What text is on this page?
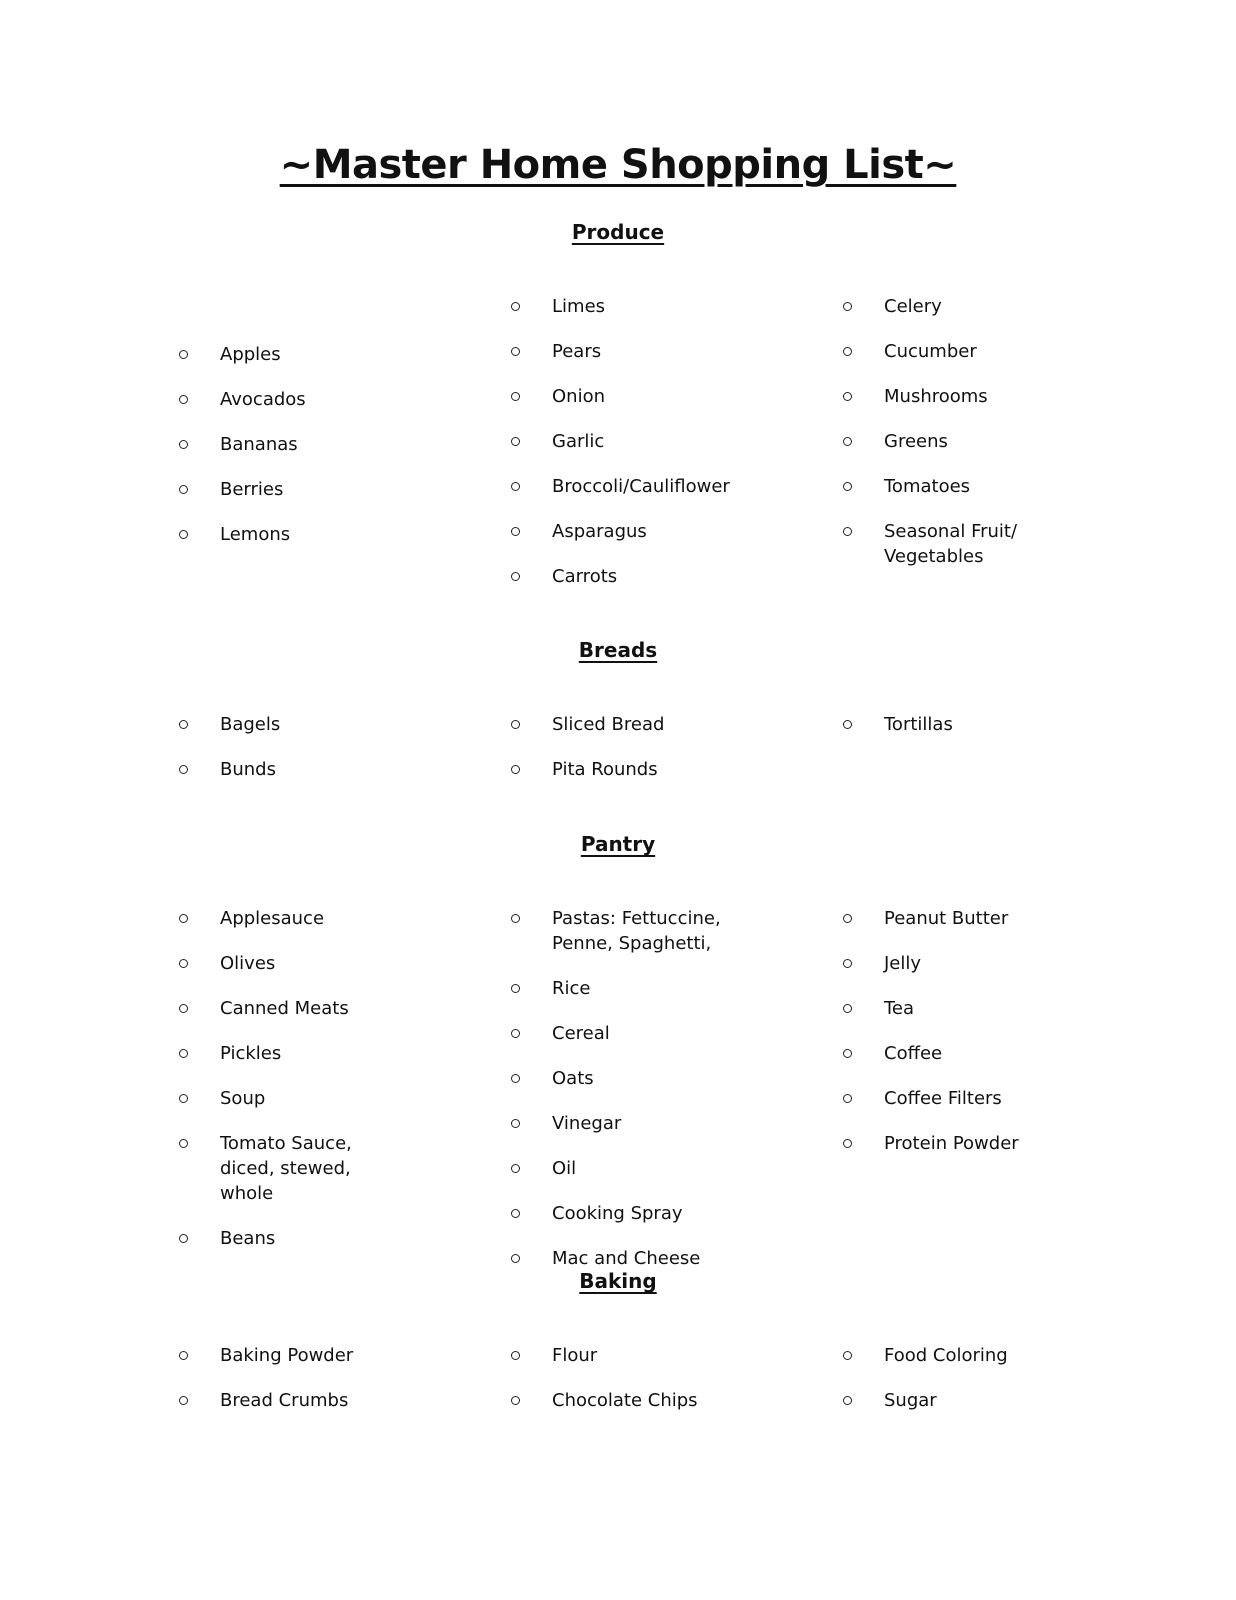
~Master Home Shopping List~
Produce
Apples
Avocados
Bananas
Berries
Lemons
Limes
Pears
Onion
Garlic
Broccoli/Cauliflower
Asparagus
Carrots
Celery
Cucumber
Mushrooms
Greens
Tomatoes
Seasonal Fruit/
Vegetables
Breads
Bagels
Bunds
Sliced Bread
Pita Rounds
Tortillas
Pantry
Applesauce
Olives
Canned Meats
Pickles
Soup
Tomato Sauce,
diced, stewed,
whole
Beans
Pastas: Fettuccine,
Penne, Spaghetti,
Rice
Cereal
Oats
Vinegar
Oil
Cooking Spray
Mac and Cheese
Peanut Butter
Jelly
Tea
Coffee
Coffee Filters
Protein Powder
Baking
Baking Powder
Bread Crumbs
Flour
Chocolate Chips
Food Coloring
Sugar
